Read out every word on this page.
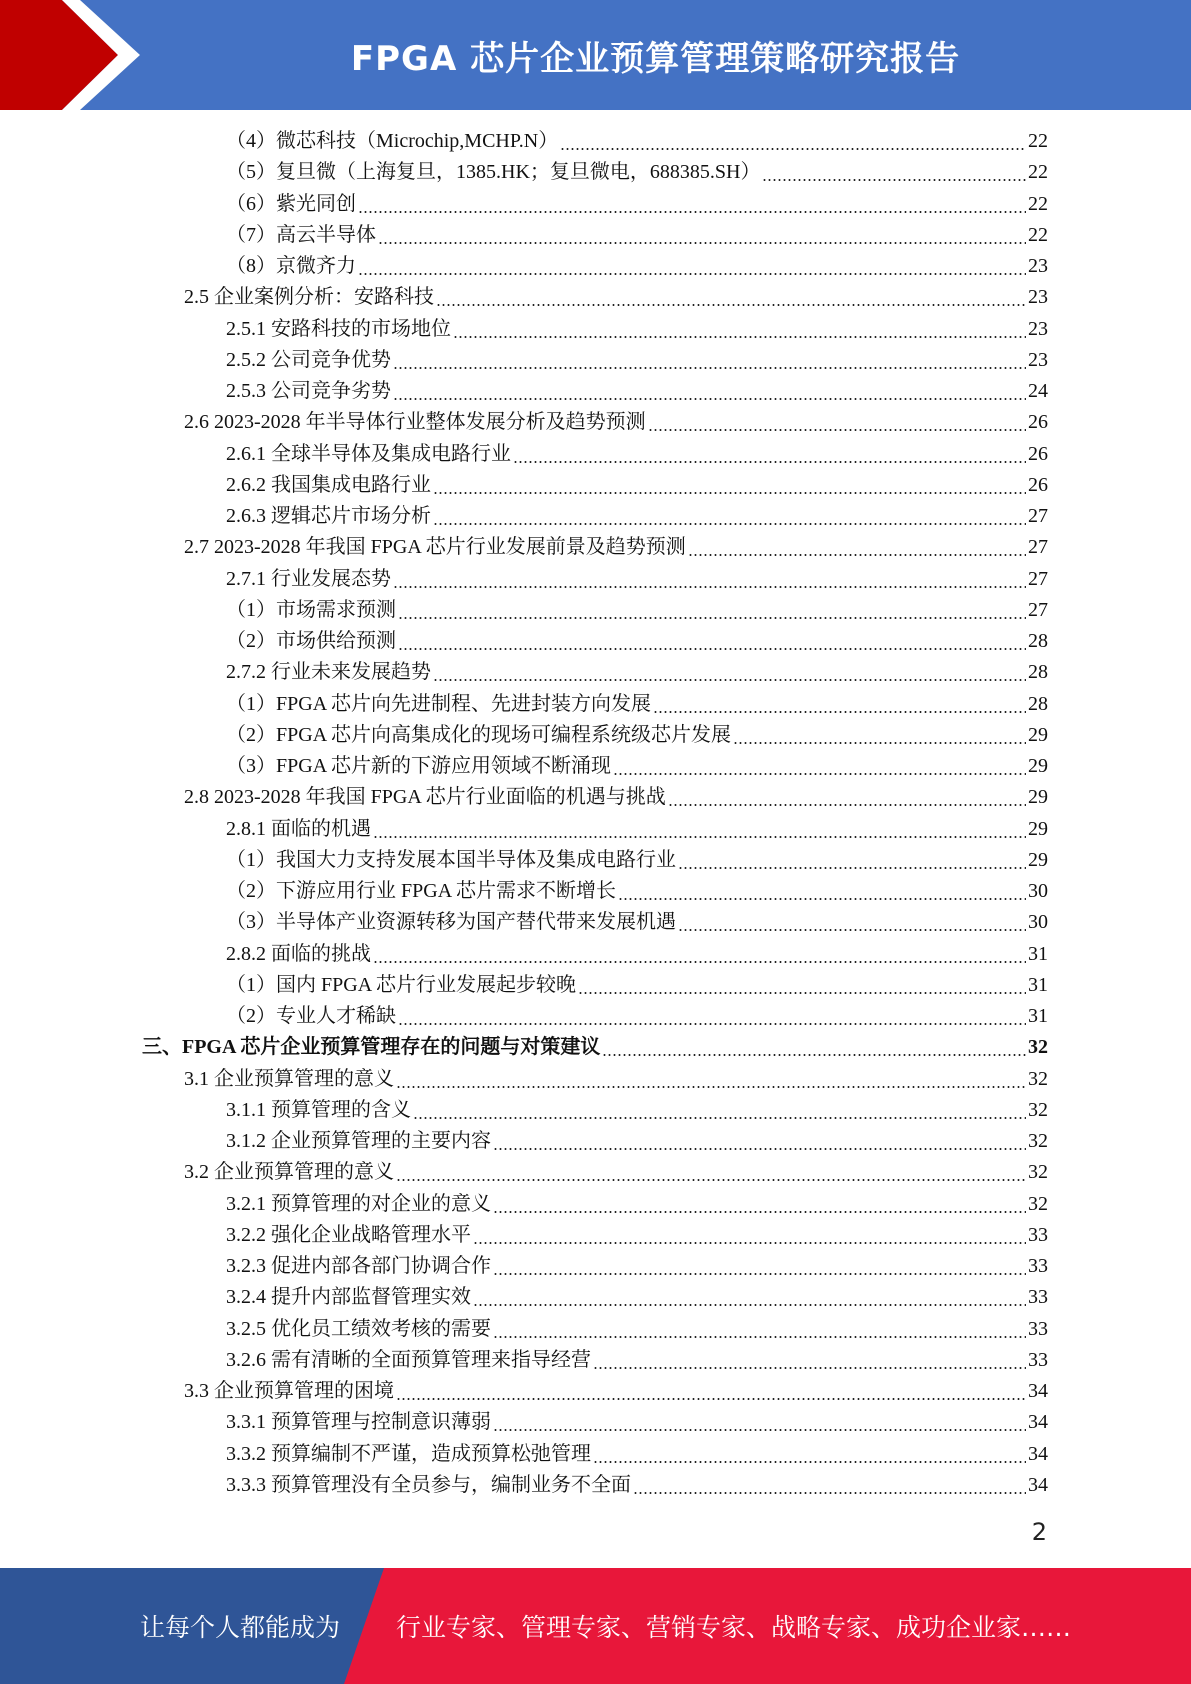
FPGA 芯片企业预算管理策略研究报告
（4）微芯科技（Microchip,MCHP.N）	22
（5）复旦微（上海复旦，1385.HK；复旦微电，688385.SH）	22
（6）紫光同创	22
（7）高云半导体	22
（8）京微齐力	23
2.5 企业案例分析：安路科技	23
2.5.1 安路科技的市场地位	23
2.5.2 公司竞争优势	23
2.5.3 公司竞争劣势	24
2.6 2023-2028 年半导体行业整体发展分析及趋势预测	26
2.6.1 全球半导体及集成电路行业	26
2.6.2 我国集成电路行业	26
2.6.3 逻辑芯片市场分析	27
2.7 2023-2028 年我国 FPGA 芯片行业发展前景及趋势预测	27
2.7.1 行业发展态势	27
（1）市场需求预测	27
（2）市场供给预测	28
2.7.2 行业未来发展趋势	28
（1）FPGA 芯片向先进制程、先进封装方向发展	28
（2）FPGA 芯片向高集成化的现场可编程系统级芯片发展	29
（3）FPGA 芯片新的下游应用领域不断涌现	29
2.8 2023-2028 年我国 FPGA 芯片行业面临的机遇与挑战	29
2.8.1 面临的机遇	29
（1）我国大力支持发展本国半导体及集成电路行业	29
（2）下游应用行业 FPGA 芯片需求不断增长	30
（3）半导体产业资源转移为国产替代带来发展机遇	30
2.8.2 面临的挑战	31
（1）国内 FPGA 芯片行业发展起步较晚	31
（2）专业人才稀缺	31
三、FPGA 芯片企业预算管理存在的问题与对策建议	32
3.1 企业预算管理的意义	32
3.1.1 预算管理的含义	32
3.1.2 企业预算管理的主要内容	32
3.2 企业预算管理的意义	32
3.2.1 预算管理的对企业的意义	32
3.2.2 强化企业战略管理水平	33
3.2.3 促进内部各部门协调合作	33
3.2.4 提升内部监督管理实效	33
3.2.5 优化员工绩效考核的需要	33
3.2.6 需有清晰的全面预算管理来指导经营	33
3.3 企业预算管理的困境	34
3.3.1 预算管理与控制意识薄弱	34
3.3.2 预算编制不严谨，造成预算松弛管理	34
3.3.3 预算管理没有全员参与，编制业务不全面	34
2
让每个人都能成为 行业专家、管理专家、营销专家、战略专家、成功企业家……
